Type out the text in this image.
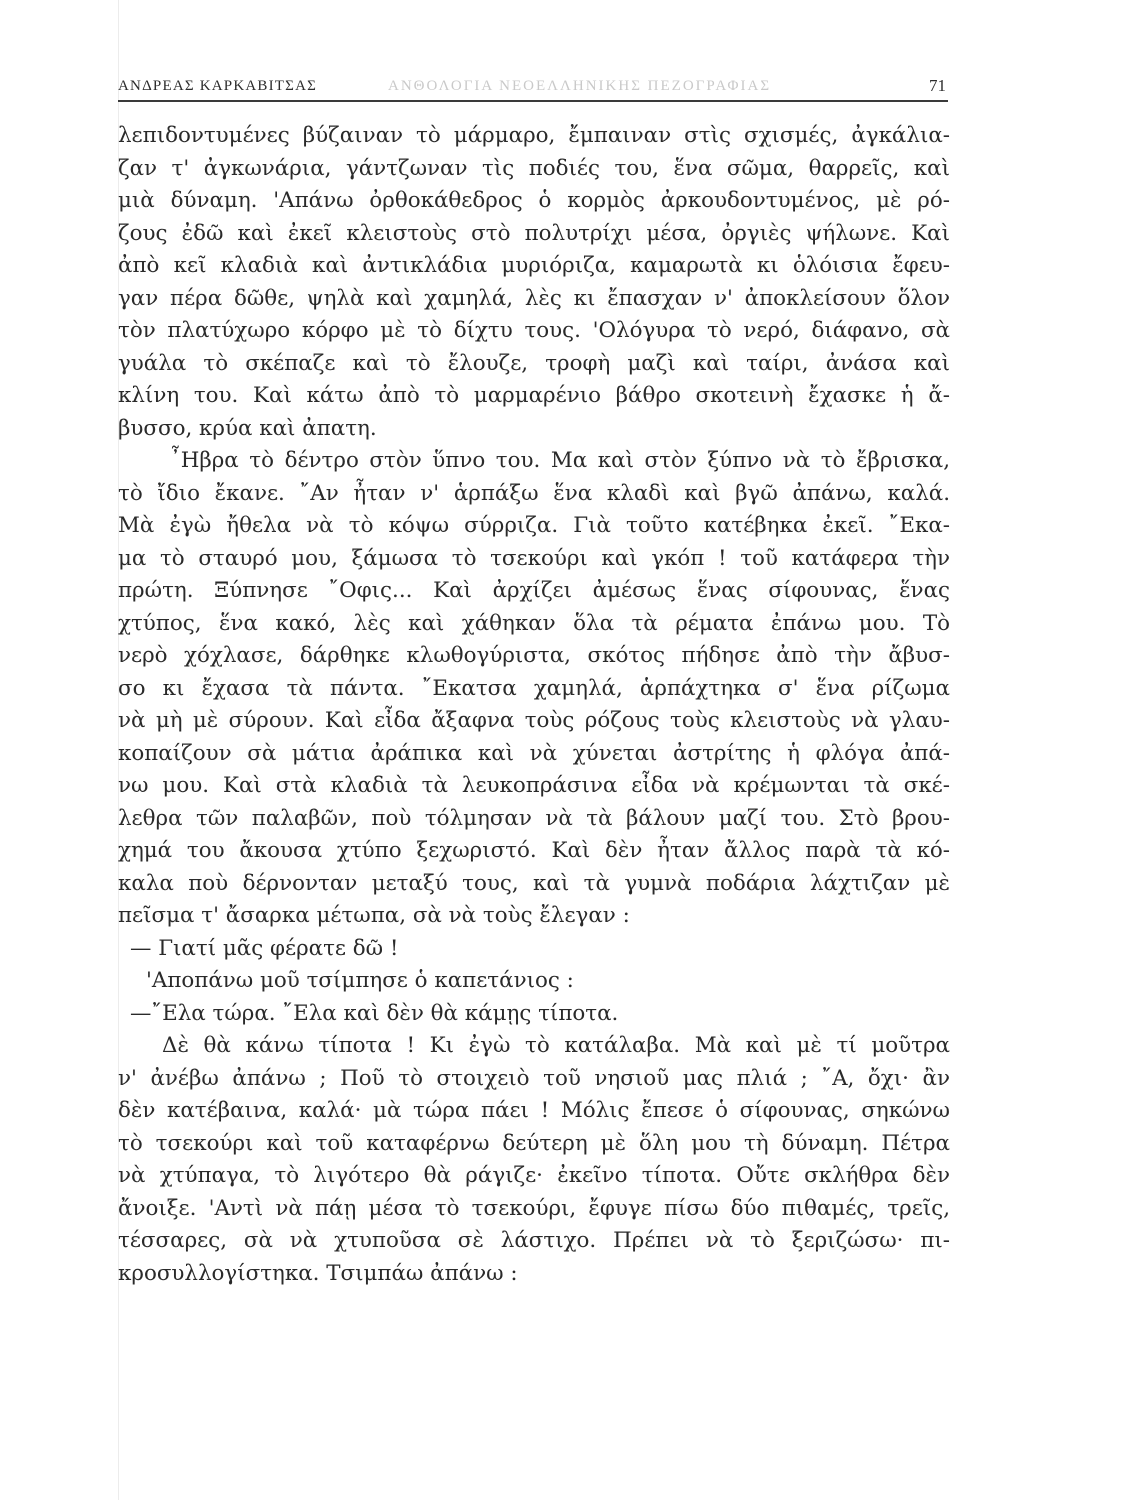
ΑΝΔΡΕΑΣ ΚΑΡΚΑΒΙΤΣΑΣ	ΑΝΘΟΛΟΓΙΑ ΝΕΟΕΛΛΗΝΙΚΗΣ ΠΕΖΟΓΡΑΦΙΑΣ	71
λεπιδοντυμένες βύζαιναν τὸ μάρμαρο, ἔμπαιναν στὶς σχισμές, ἀγκάλια-
ζαν τ' ἀγκωνάρια, γάντζωναν τὶς ποδιές του, ἕνα σῶμα, θαρρεῖς, καὶ
μιὰ δύναμη. 'Απάνω ὀρθοκάθεδρος ὁ κορμὸς ἀρκουδοντυμένος, μὲ ρό-
ζους ἐδῶ καὶ ἐκεῖ κλειστοὺς στὸ πολυτρίχι μέσα, ὀργιὲς ψήλωνε. Καὶ
ἀπὸ κεῖ κλαδιὰ καὶ ἀντικλάδια μυριόριζα, καμαρωτὰ κι ὁλόισια ἔφευ-
γαν πέρα δῶθε, ψηλὰ καὶ χαμηλά, λὲς κι ἔπασχαν ν' ἀποκλείσουν ὅλον
τὸν πλατύχωρο κόρφο μὲ τὸ δίχτυ τους. 'Ολόγυρα τὸ νερό, διάφανο, σὰ
γυάλα τὸ σκέπαζε καὶ τὸ ἔλουζε, τροφὴ μαζὶ καὶ ταίρι, ἀνάσα καὶ
κλίνη του. Καὶ κάτω ἀπὸ τὸ μαρμαρένιο βάθρο σκοτεινὴ ἔχασκε ἡ ἄ-
βυσσο, κρύα καὶ ἀπατη.
῏Ηβρα τὸ δέντρο στὸν ὕπνο του. Μα καὶ στὸν ξύπνο νὰ τὸ ἔβρισκα,
τὸ ἴδιο ἔκανε. ῎Αν ἦταν ν' ἁρπάξω ἕνα κλαδὶ καὶ βγῶ ἀπάνω, καλά.
Μὰ ἐγὼ ἤθελα νὰ τὸ κόψω σύρριζα. Γιὰ τοῦτο κατέβηκα ἐκεῖ. ῎Εκα-
μα τὸ σταυρό μου, ξάμωσα τὸ τσεκούρι καὶ γκόπ ! τοῦ κατάφερα τὴν
πρώτη. Ξύπνησε ῎Οφις... Καὶ ἀρχίζει ἀμέσως ἕνας σίφουνας, ἕνας
χτύπος, ἕνα κακό, λὲς καὶ χάθηκαν ὅλα τὰ ρέματα ἐπάνω μου. Τὸ
νερὸ χόχλασε, δάρθηκε κλωθογύριστα, σκότος πήδησε ἀπὸ τὴν ἄβυσ-
σο κι ἔχασα τὰ πάντα. ῎Εκατσα χαμηλά, ἁρπάχτηκα σ' ἕνα ρίζωμα
νὰ μὴ μὲ σύρουν. Καὶ εἶδα ἄξαφνα τοὺς ρόζους τοὺς κλειστοὺς νὰ γλαυ-
κοπαίζουν σὰ μάτια ἀράπικα καὶ νὰ χύνεται ἀστρίτης ἡ φλόγα ἀπά-
νω μου. Καὶ στὰ κλαδιὰ τὰ λευκοπράσινα εἶδα νὰ κρέμωνται τὰ σκέ-
λεθρα τῶν παλαβῶν, ποὺ τόλμησαν νὰ τὰ βάλουν μαζί του. Στὸ βρου-
χημά του ἄκουσα χτύπο ξεχωριστό. Καὶ δὲν ἦταν ἄλλος παρὰ τὰ κό-
καλα ποὺ δέρνονταν μεταξύ τους, καὶ τὰ γυμνὰ ποδάρια λάχτιζαν μὲ
πεῖσμα τ' ἄσαρκα μέτωπα, σὰ νὰ τοὺς ἔλεγαν :
— Γιατί μᾶς φέρατε δῶ !
'Αποπάνω μοῦ τσίμπησε ὁ καπετάνιος :
—῎Ελα τώρα. ῎Ελα καὶ δὲν θὰ κάμῃς τίποτα.
Δὲ θὰ κάνω τίποτα ! Κι ἐγὼ τὸ κατάλαβα. Μὰ καὶ μὲ τί μοῦτρα
ν' ἀνέβω ἀπάνω ; Ποῦ τὸ στοιχειὸ τοῦ νησιοῦ μας πλιά ; ῎Α, ὄχι· ἂν
δὲν κατέβαινα, καλά· μὰ τώρα πάει ! Μόλις ἔπεσε ὁ σίφουνας, σηκώνω
τὸ τσεκούρι καὶ τοῦ καταφέρνω δεύτερη μὲ ὅλη μου τὴ δύναμη. Πέτρα
νὰ χτύπαγα, τὸ λιγότερο θὰ ράγιζε· ἐκεῖνο τίποτα. Οὔτε σκλήθρα δὲν
ἄνοιξε. 'Αντὶ νὰ πάῃ μέσα τὸ τσεκούρι, ἔφυγε πίσω δύο πιθαμές, τρεῖς,
τέσσαρες, σὰ νὰ χτυποῦσα σὲ λάστιχο. Πρέπει νὰ τὸ ξεριζώσω· πι-
κροσυλλογίστηκα. Τσιμπάω ἀπάνω :
